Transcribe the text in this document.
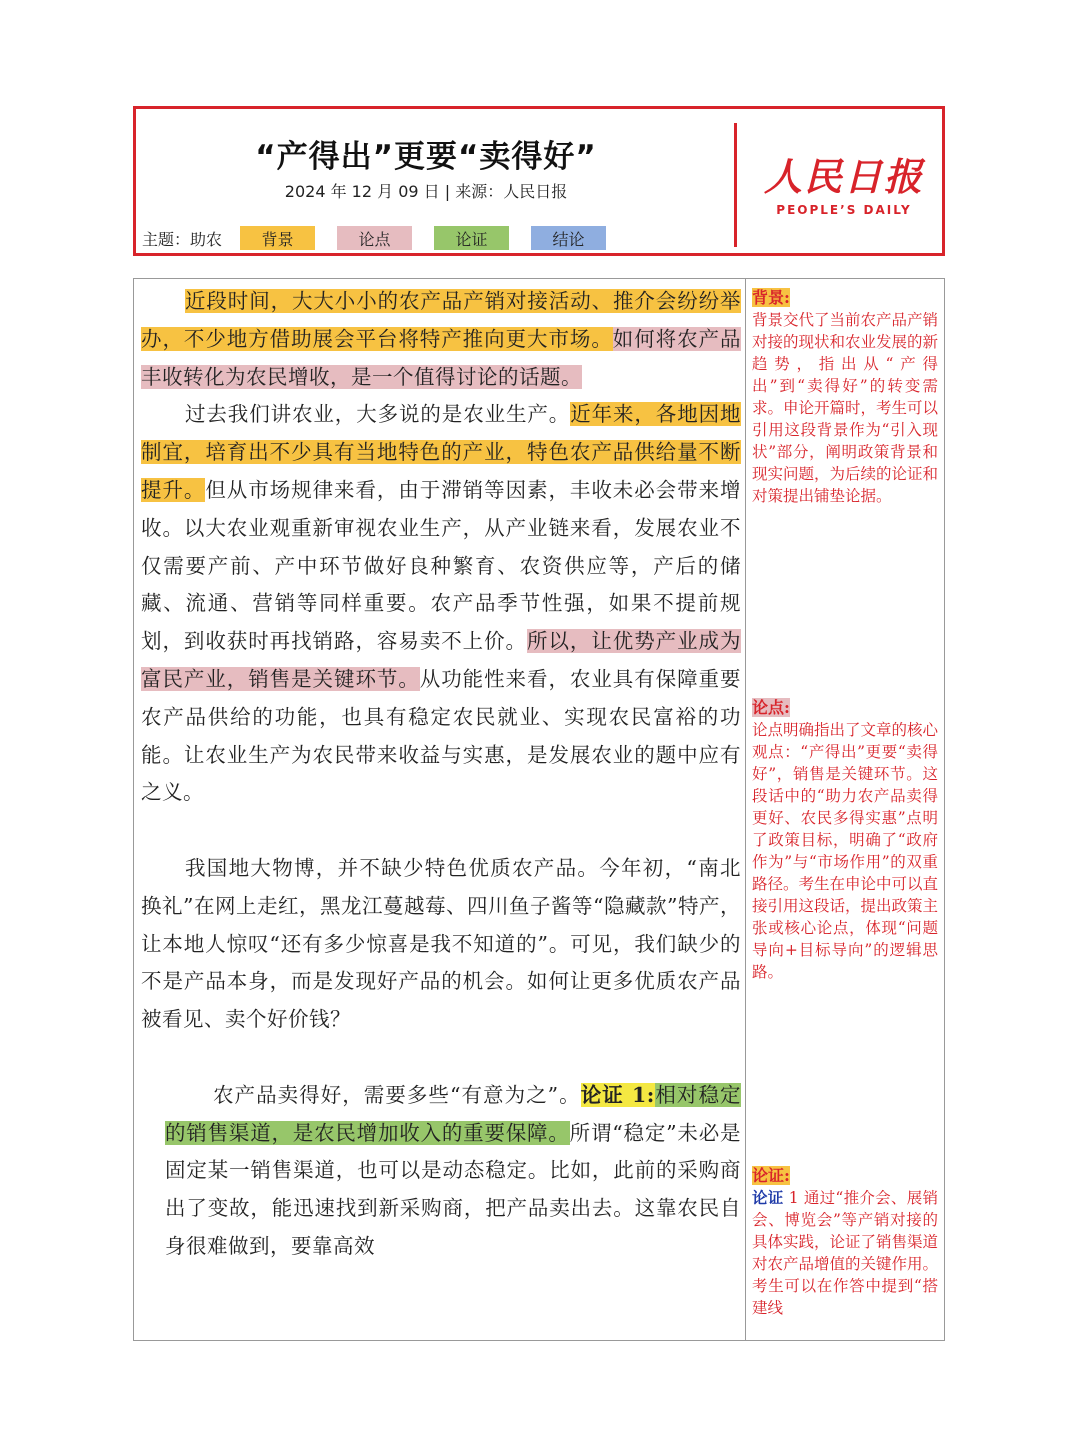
“产得出”更要“卖得好”
2024 年 12 月 09 日 | 来源：人民日报
主题：助农	背景	论点	论证	结论
人民日报
PEOPLE’S DAILY

近段时间，大大小小的农产品产销对接活动、推介会纷纷举办，不少地方借助展会平台将特产推向更大市场。如何将农产品丰收转化为农民增收，是一个值得讨论的话题。

过去我们讲农业，大多说的是农业生产。近年来，各地因地制宜，培育出不少具有当地特色的产业，特色农产品供给量不断提升。但从市场规律来看，由于滞销等因素，丰收未必会带来增收。以大农业观重新审视农业生产，从产业链来看，发展农业不仅需要产前、产中环节做好良种繁育、农资供应等，产后的储藏、流通、营销等同样重要。农产品季节性强，如果不提前规划，到收获时再找销路，容易卖不上价。所以，让优势产业成为富民产业，销售是关键环节。从功能性来看，农业具有保障重要农产品供给的功能，也具有稳定农民就业、实现农民富裕的功能。让农业生产为农民带来收益与实惠，是发展农业的题中应有之义。

我国地大物博，并不缺少特色优质农产品。今年初，“南北换礼”在网上走红，黑龙江蔓越莓、四川鱼子酱等“隐藏款”特产，让本地人惊叹“还有多少惊喜是我不知道的”。可见，我们缺少的不是产品本身，而是发现好产品的机会。如何让更多优质农产品被看见、卖个好价钱？

农产品卖得好，需要多些“有意为之”。论证 1:相对稳定的销售渠道，是农民增加收入的重要保障。所谓“稳定”未必是固定某一销售渠道，也可以是动态稳定。比如，此前的采购商出了变故，能迅速找到新采购商，把产品卖出去。这靠农民自身很难做到，要靠高效

背景:
背景交代了当前农产品产销对接的现状和农业发展的新趋势，指出从“产得出”到“卖得好”的转变需求。申论开篇时，考生可以引用这段背景作为“引入现状”部分，阐明政策背景和现实问题，为后续的论证和对策提出铺垫论据。
论点:
论点明确指出了文章的核心观点：“产得出”更要“卖得好”，销售是关键环节。这段话中的“助力农产品卖得更好、农民多得实惠”点明了政策目标，明确了“政府作为”与“市场作用”的双重路径。考生在申论中可以直接引用这段话，提出政策主张或核心论点，体现“问题导向+目标导向”的逻辑思路。
论证:
论证 1 通过“推介会、展销会、博览会”等产销对接的具体实践，论证了销售渠道对农产品增值的关键作用。考生可以在作答中提到“搭建线
